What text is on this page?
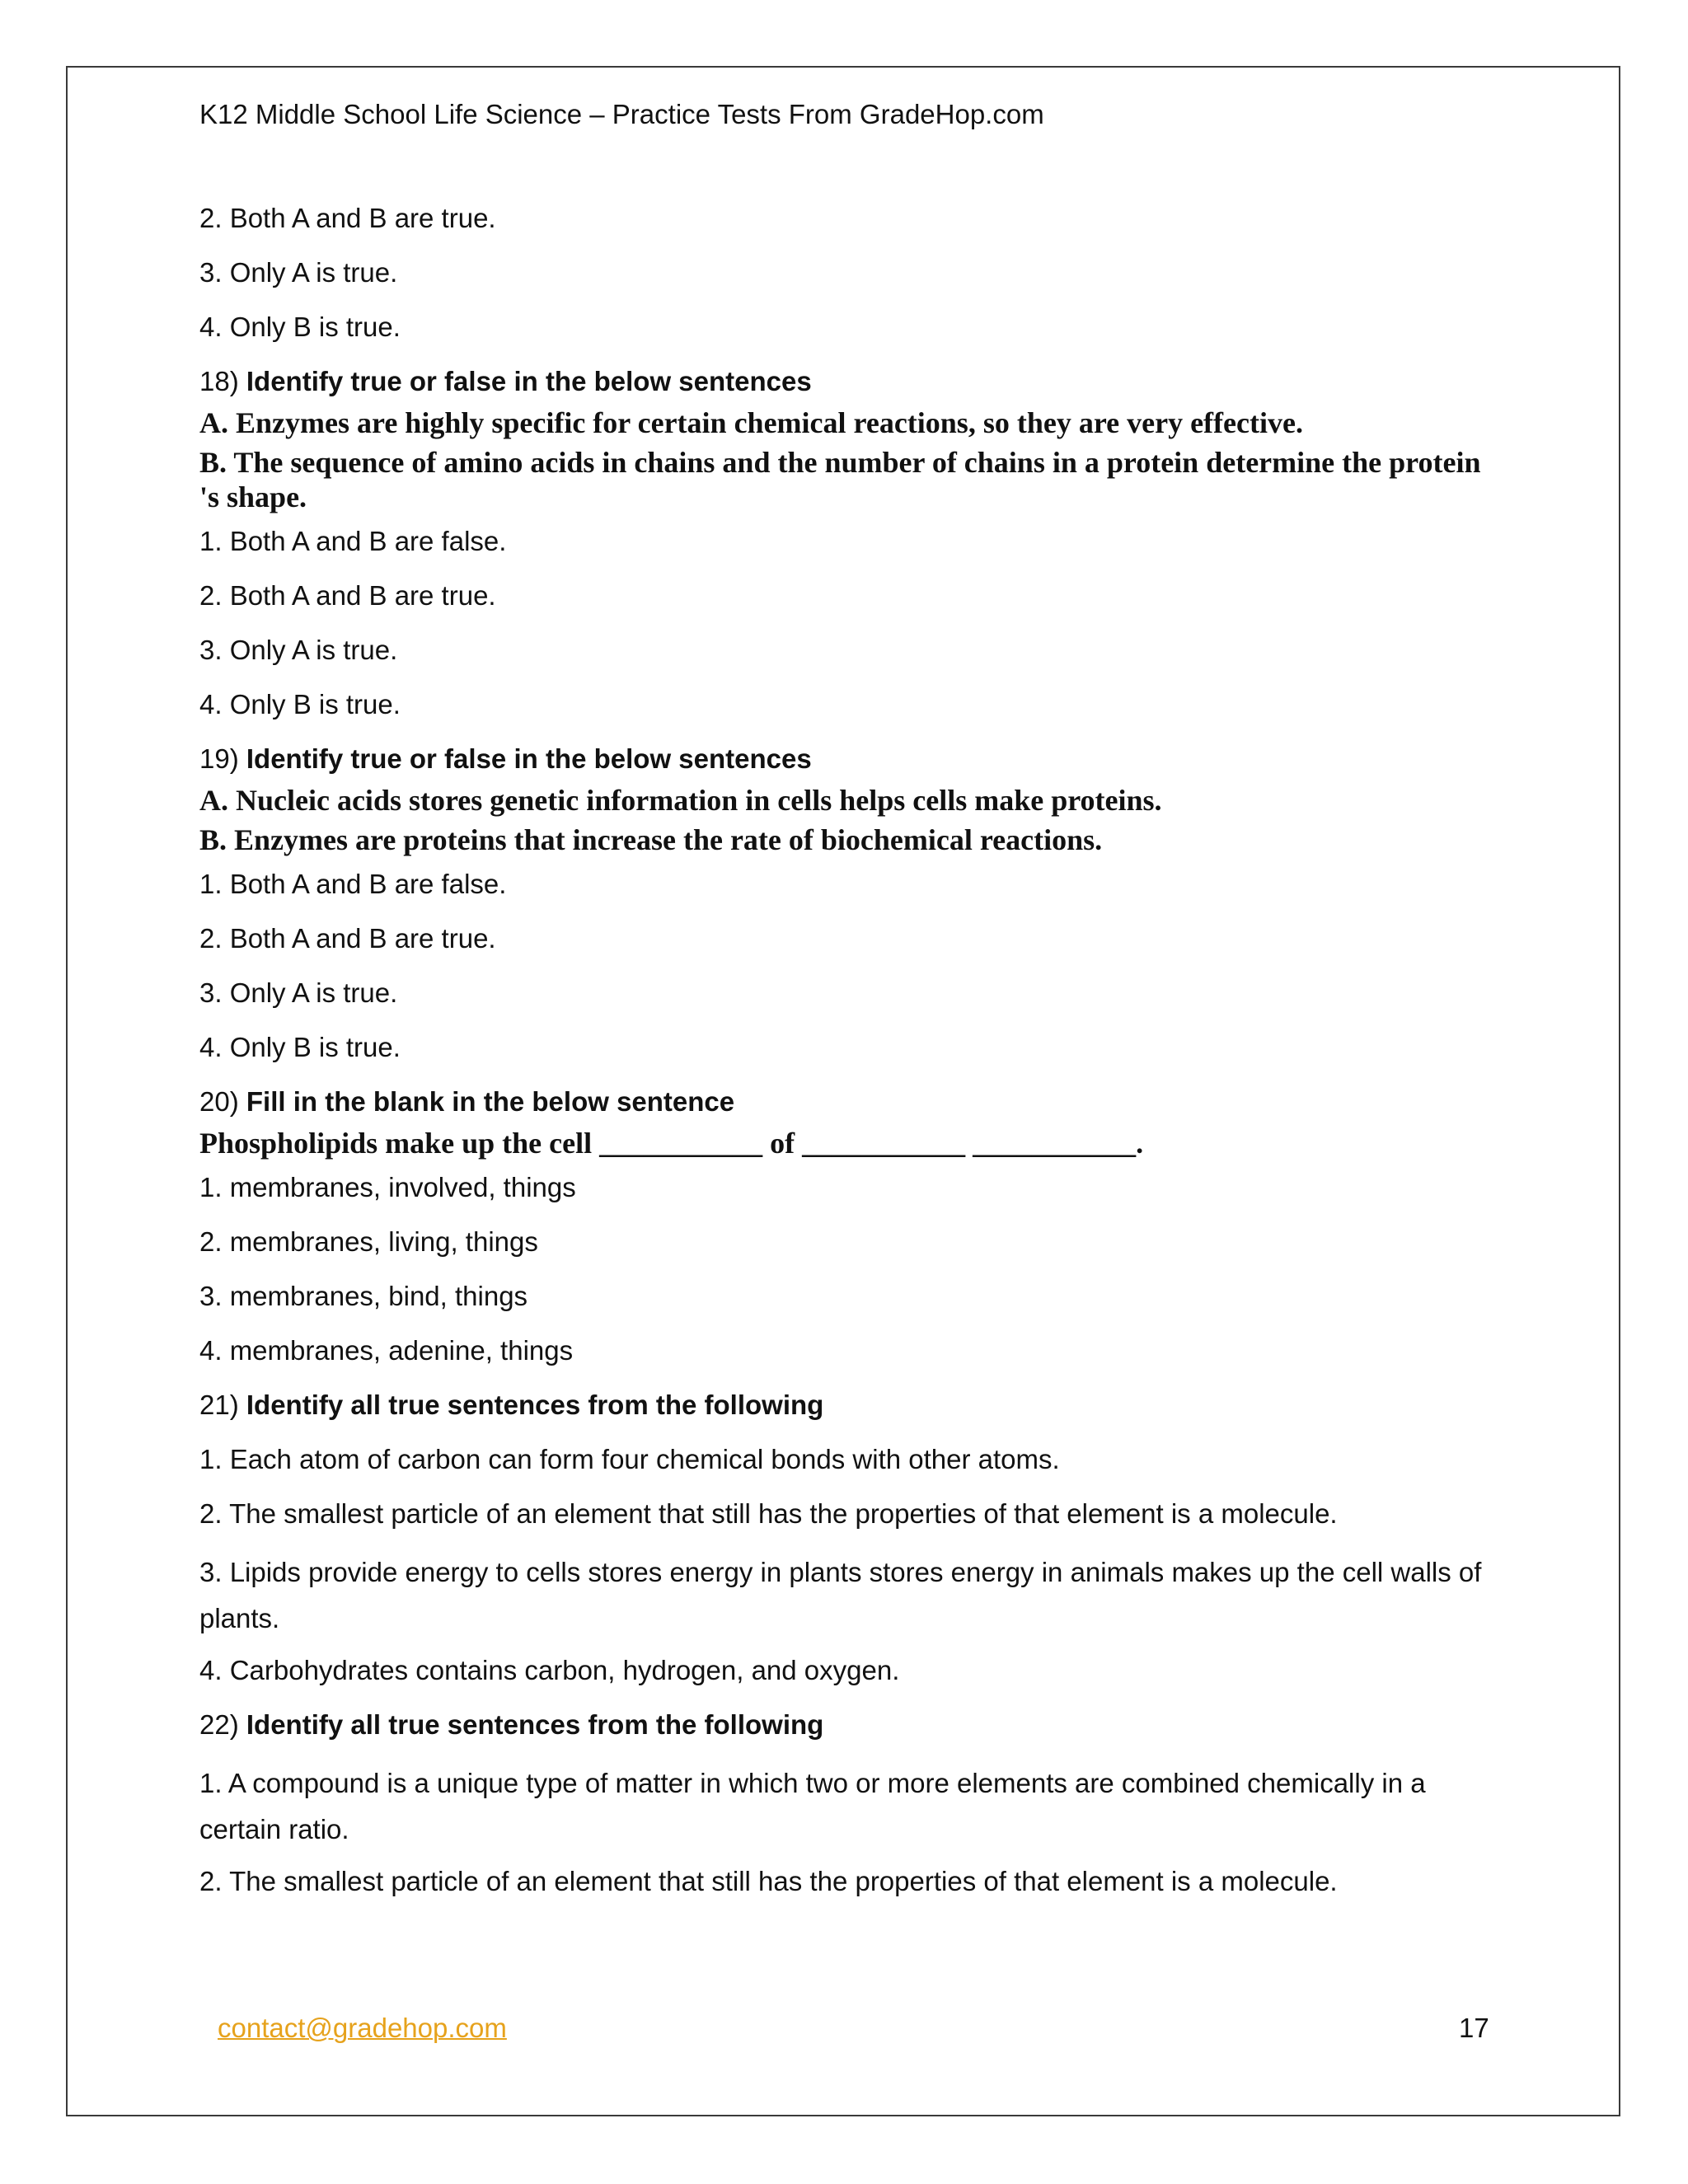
K12 Middle School Life Science – Practice Tests From GradeHop.com

2. Both A and B are true.

3. Only A is true.

4. Only B is true.

18) Identify true or false in the below sentences

A. Enzymes are highly specific for certain chemical reactions, so they are very effective.

B. The sequence of amino acids in chains and the number of chains in a protein determine the protein 's shape.

1. Both A and B are false.

2. Both A and B are true.

3. Only A is true.

4. Only B is true.

19) Identify true or false in the below sentences

A. Nucleic acids stores genetic information in cells helps cells make proteins.

B. Enzymes are proteins that increase the rate of biochemical reactions.

1. Both A and B are false.

2. Both A and B are true.

3. Only A is true.

4. Only B is true.

20) Fill in the blank in the below sentence

Phospholipids make up the cell ___________ of ___________ ___________.

1. membranes, involved, things

2. membranes, living, things

3. membranes, bind, things

4. membranes, adenine, things

21) Identify all true sentences from the following

1. Each atom of carbon can form four chemical bonds with other atoms.

2. The smallest particle of an element that still has the properties of that element is a molecule.

3. Lipids provide energy to cells stores energy in plants stores energy in animals makes up the cell walls of plants.

4. Carbohydrates contains carbon, hydrogen, and oxygen.

22) Identify all true sentences from the following

1. A compound is a unique type of matter in which two or more elements are combined chemically in a certain ratio.

2. The smallest particle of an element that still has the properties of that element is a molecule.

contact@gradehop.com	17
